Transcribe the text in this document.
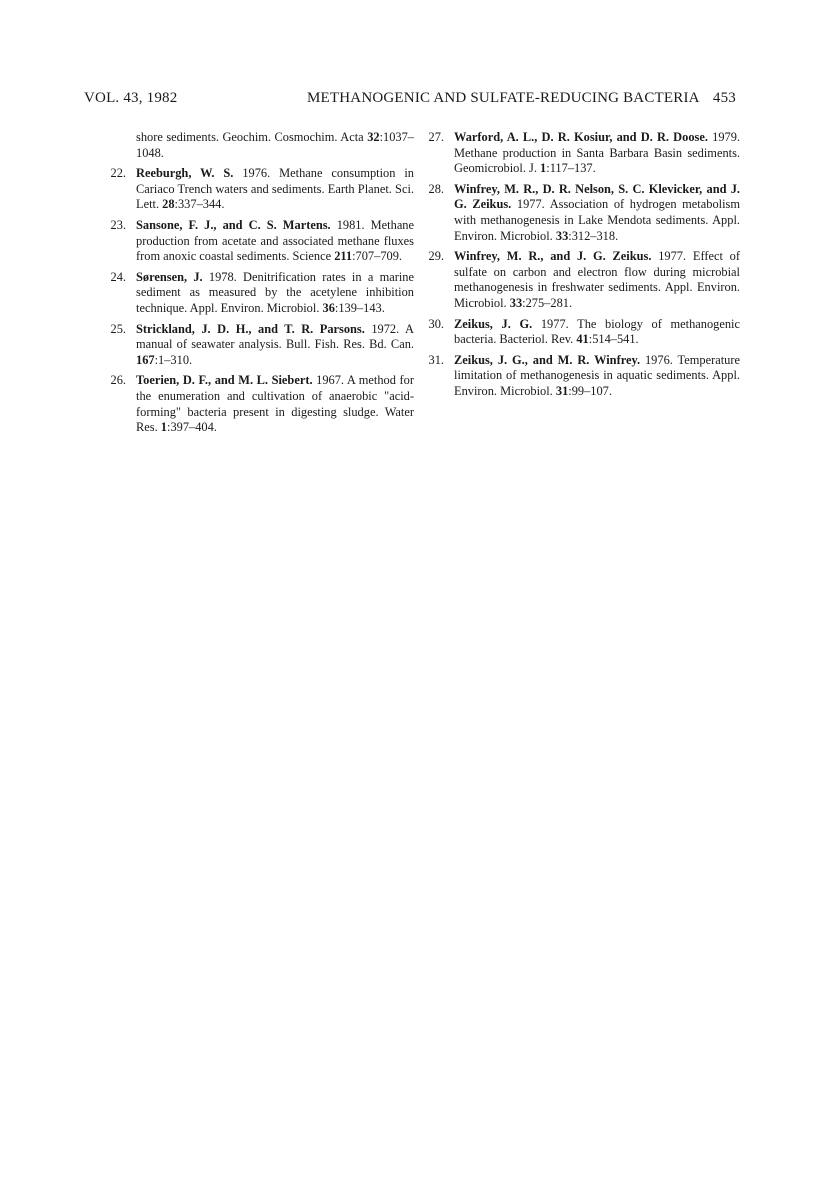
VOL. 43, 1982	METHANOGENIC AND SULFATE-REDUCING BACTERIA 453

shore sediments. Geochim. Cosmochim. Acta 32:1037–1048.

22. Reeburgh, W. S. 1976. Methane consumption in Cariaco Trench waters and sediments. Earth Planet. Sci. Lett. 28:337–344.

23. Sansone, F. J., and C. S. Martens. 1981. Methane production from acetate and associated methane fluxes from anoxic coastal sediments. Science 211:707–709.

24. Sørensen, J. 1978. Denitrification rates in a marine sediment as measured by the acetylene inhibition technique. Appl. Environ. Microbiol. 36:139–143.

25. Strickland, J. D. H., and T. R. Parsons. 1972. A manual of seawater analysis. Bull. Fish. Res. Bd. Can. 167:1–310.

26. Toerien, D. F., and M. L. Siebert. 1967. A method for the enumeration and cultivation of anaerobic "acid-forming" bacteria present in digesting sludge. Water Res. 1:397–404.

27. Warford, A. L., D. R. Kosiur, and D. R. Doose. 1979. Methane production in Santa Barbara Basin sediments. Geomicrobiol. J. 1:117–137.

28. Winfrey, M. R., D. R. Nelson, S. C. Klevicker, and J. G. Zeikus. 1977. Association of hydrogen metabolism with methanogenesis in Lake Mendota sediments. Appl. Environ. Microbiol. 33:312–318.

29. Winfrey, M. R., and J. G. Zeikus. 1977. Effect of sulfate on carbon and electron flow during microbial methanogenesis in freshwater sediments. Appl. Environ. Microbiol. 33:275–281.

30. Zeikus, J. G. 1977. The biology of methanogenic bacteria. Bacteriol. Rev. 41:514–541.

31. Zeikus, J. G., and M. R. Winfrey. 1976. Temperature limitation of methanogenesis in aquatic sediments. Appl. Environ. Microbiol. 31:99–107.
